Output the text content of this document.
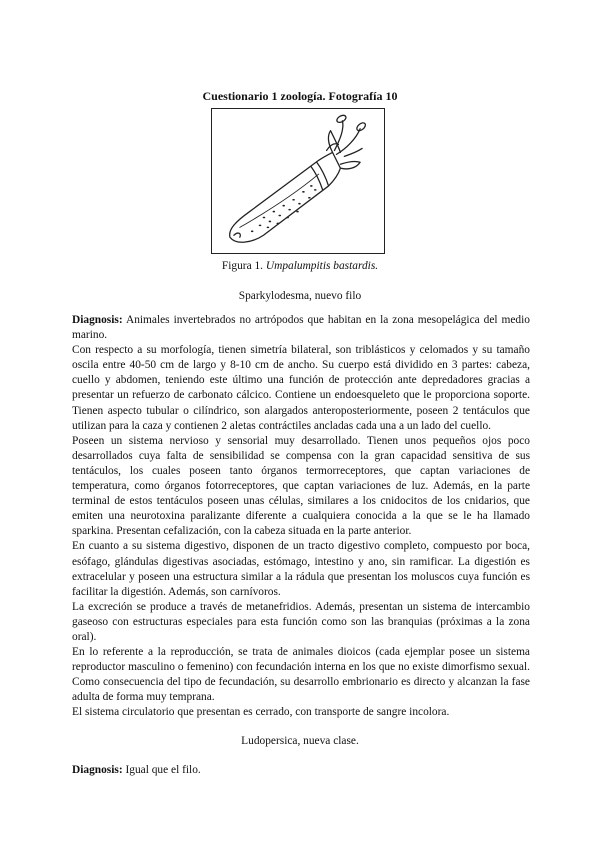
Cuestionario 1 zoología. Fotografía 10
Figura 1. Umpalumpitis bastardis.
Sparkylodesma, nuevo filo

Diagnosis: Animales invertebrados no artrópodos que habitan en la zona mesopelágica del medio marino.

Con respecto a su morfología, tienen simetría bilateral, son triblásticos y celomados y su tamaño oscila entre 40-50 cm de largo y 8-10 cm de ancho. Su cuerpo está dividido en 3 partes: cabeza, cuello y abdomen, teniendo este último una función de protección ante depredadores gracias a presentar un refuerzo de carbonato cálcico. Contiene un endoesqueleto que le proporciona soporte. Tienen aspecto tubular o cilíndrico, son alargados anteroposteriormente, poseen 2 tentáculos que utilizan para la caza y contienen 2 aletas contráctiles ancladas cada una a un lado del cuello.

Poseen un sistema nervioso y sensorial muy desarrollado. Tienen unos pequeños ojos poco desarrollados cuya falta de sensibilidad se compensa con la gran capacidad sensitiva de sus tentáculos, los cuales poseen tanto órganos termorreceptores, que captan variaciones de temperatura, como órganos fotorreceptores, que captan variaciones de luz. Además, en la parte terminal de estos tentáculos poseen unas células, similares a los cnidocitos de los cnidarios, que emiten una neurotoxina paralizante diferente a cualquiera conocida a la que se le ha llamado sparkina. Presentan cefalización, con la cabeza situada en la parte anterior.

En cuanto a su sistema digestivo, disponen de un tracto digestivo completo, compuesto por boca, esófago, glándulas digestivas asociadas, estómago, intestino y ano, sin ramificar. La digestión es extracelular y poseen una estructura similar a la rádula que presentan los moluscos cuya función es facilitar la digestión. Además, son carnívoros.

La excreción se produce a través de metanefridios. Además, presentan un sistema de intercambio gaseoso con estructuras especiales para esta función como son las branquias (próximas a la zona oral).

En lo referente a la reproducción, se trata de animales dioicos (cada ejemplar posee un sistema reproductor masculino o femenino) con fecundación interna en los que no existe dimorfismo sexual. Como consecuencia del tipo de fecundación, su desarrollo embrionario es directo y alcanzan la fase adulta de forma muy temprana.

El sistema circulatorio que presentan es cerrado, con transporte de sangre incolora.

Ludopersica, nueva clase.
Diagnosis: Igual que el filo.
